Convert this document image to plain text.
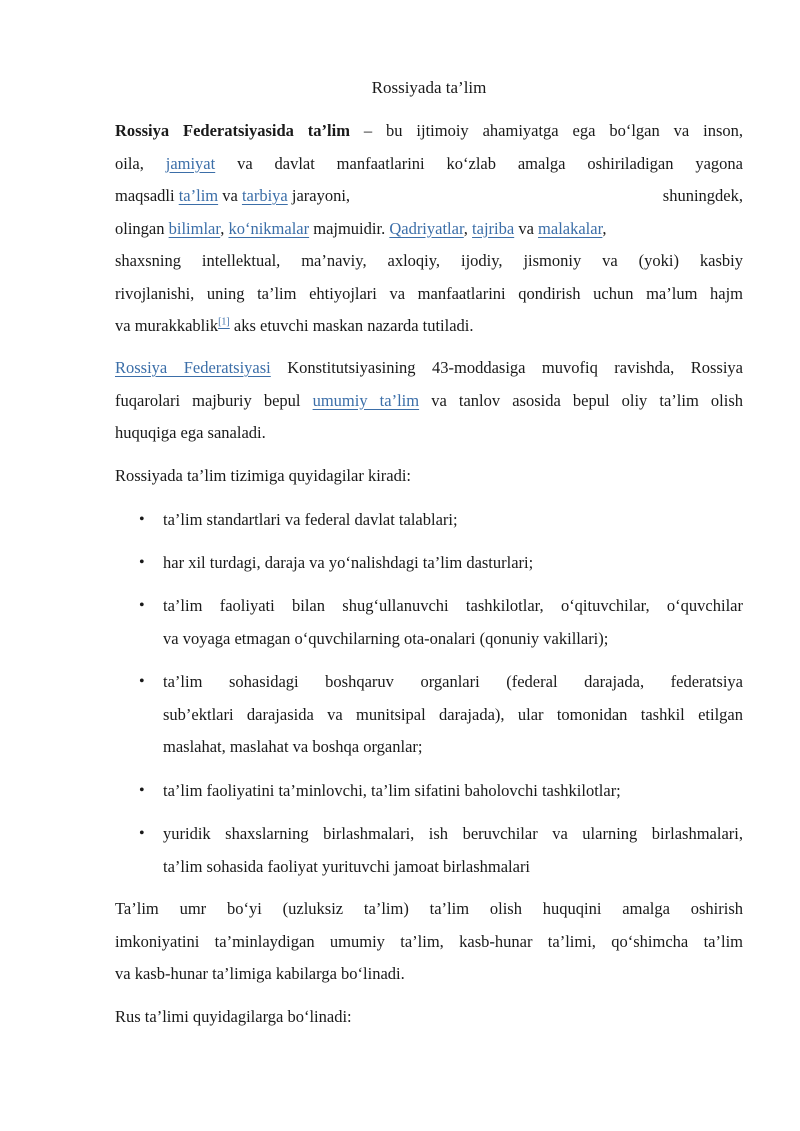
Rossiyada ta’lim
Rossiya Federatsiyasida ta’lim – bu ijtimoiy ahamiyatga ega bo‘lgan va inson,
oila, jamiyat va davlat manfaatlarini ko‘zlab amalga oshiriladigan yagona
maqsadli ta’lim va tarbiya jarayoni,	shuningdek,
olingan bilimlar, ko‘nikmalar majmuidir. Qadriyatlar, tajriba va malakalar,
shaxsning intellektual, ma’naviy, axloqiy, ijodiy, jismoniy va (yoki) kasbiy
rivojlanishi, uning ta’lim ehtiyojlari va manfaatlarini qondirish uchun ma’lum hajm
va murakkablik[1] aks etuvchi maskan nazarda tutiladi.
Rossiya Federatsiyasi Konstitutsiyasining 43-moddasiga muvofiq ravishda, Rossiya
fuqarolari majburiy bepul umumiy ta’lim va tanlov asosida bepul oliy ta’lim olish
huquqiga ega sanaladi.
Rossiyada ta’lim tizimiga quyidagilar kiradi:
• ta’lim standartlari va federal davlat talablari;
• har xil turdagi, daraja va yo‘nalishdagi ta’lim dasturlari;
• ta’lim faoliyati bilan shug‘ullanuvchi tashkilotlar, o‘qituvchilar, o‘quvchilar
va voyaga etmagan o‘quvchilarning ota-onalari (qonuniy vakillari);
• ta’lim sohasidagi boshqaruv organlari (federal darajada, federatsiya
sub’ektlari darajasida va munitsipal darajada), ular tomonidan tashkil etilgan
maslahat, maslahat va boshqa organlar;
• ta’lim faoliyatini ta’minlovchi, ta’lim sifatini baholovchi tashkilotlar;
• yuridik shaxslarning birlashmalari, ish beruvchilar va ularning birlashmalari,
ta’lim sohasida faoliyat yurituvchi jamoat birlashmalari
Ta’lim umr bo‘yi (uzluksiz ta’lim) ta’lim olish huquqini amalga oshirish
imkoniyatini ta’minlaydigan umumiy ta’lim, kasb-hunar ta’limi, qo‘shimcha ta’lim
va kasb-hunar ta’limiga kabilarga bo‘linadi.
Rus ta’limi quyidagilarga bo‘linadi:
